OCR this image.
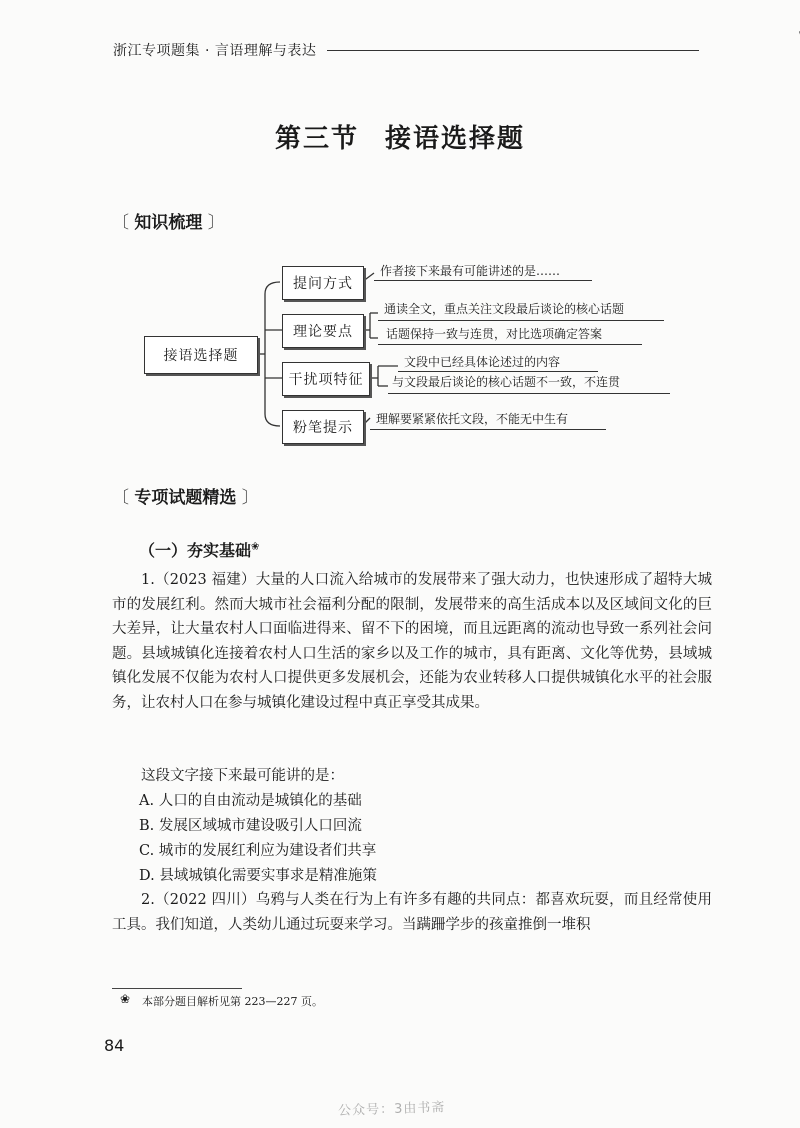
浙江专项题集 · 言语理解与表达
第三节 接语选择题
〔 知识梳理 〕
接语选择题
提问方式
理论要点
干扰项特征
粉笔提示
作者接下来最有可能讲述的是……
通读全文，重点关注文段最后谈论的核心话题
话题保持一致与连贯，对比选项确定答案
文段中已经具体论述过的内容
与文段最后谈论的核心话题不一致，不连贯
理解要紧紧依托文段，不能无中生有
〔 专项试题精选 〕
（一）夯实基础❀
1.（2023 福建）大量的人口流入给城市的发展带来了强大动力，也快速形成了超特大城市的发展红利。然而大城市社会福利分配的限制，发展带来的高生活成本以及区域间文化的巨大差异，让大量农村人口面临进得来、留不下的困境，而且远距离的流动也导致一系列社会问题。县域城镇化连接着农村人口生活的家乡以及工作的城市，具有距离、文化等优势，县域城镇化发展不仅能为农村人口提供更多发展机会，还能为农业转移人口提供城镇化水平的社会服务，让农村人口在参与城镇化建设过程中真正享受其成果。
这段文字接下来最可能讲的是：
A. 人口的自由流动是城镇化的基础
B. 发展区域城市建设吸引人口回流
C. 城市的发展红利应为建设者们共享
D. 县域城镇化需要实事求是精准施策
2.（2022 四川）乌鸦与人类在行为上有许多有趣的共同点：都喜欢玩耍，而且经常使用工具。我们知道，人类幼儿通过玩耍来学习。当蹒跚学步的孩童推倒一堆积
❀ 本部分题目解析见第 223—227 页。
84
公众号：3由书斋
